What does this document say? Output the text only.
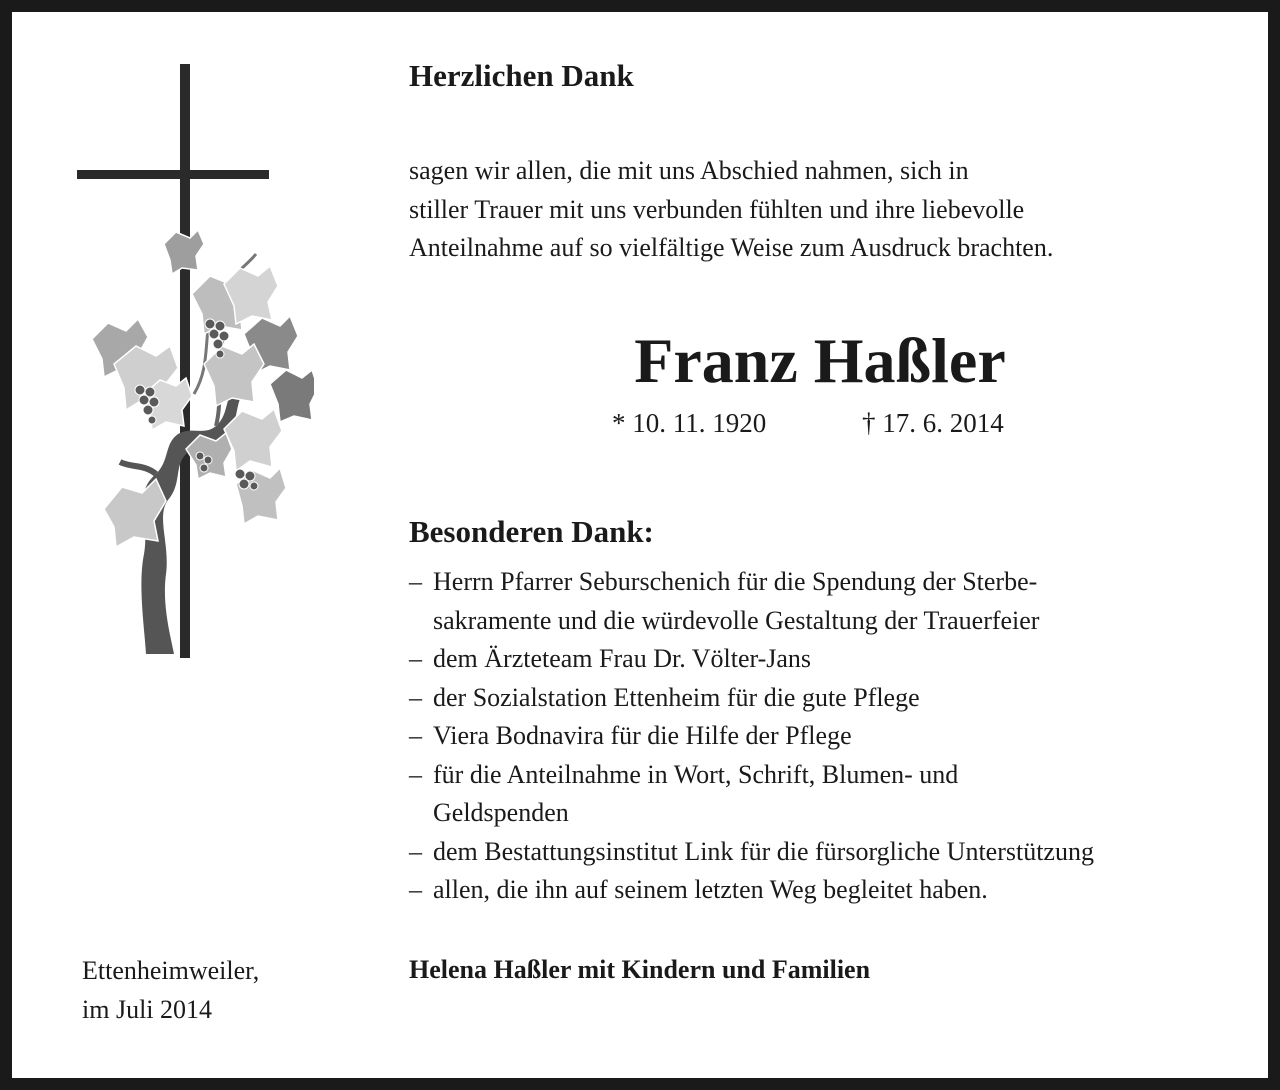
Herzlichen Dank

sagen wir allen, die mit uns Abschied nahmen, sich in
stiller Trauer mit uns verbunden fühlten und ihre liebevolle
Anteilnahme auf so vielfältige Weise zum Ausdruck brachten.

Franz Haßler

* 10. 11. 1920	† 17. 6. 2014

Besonderen Dank:
– Herrn Pfarrer Seburschenich für die Spendung der Sterbe-
sakramente und die würdevolle Gestaltung der Trauerfeier
– dem Ärzteteam Frau Dr. Völter-Jans
– der Sozialstation Ettenheim für die gute Pflege
– Viera Bodnavira für die Hilfe der Pflege
– für die Anteilnahme in Wort, Schrift, Blumen- und
Geldspenden
– dem Bestattungsinstitut Link für die fürsorgliche Unterstützung
– allen, die ihn auf seinem letzten Weg begleitet haben.

Ettenheimweiler,
im Juli 2014

Helena Haßler mit Kindern und Familien
